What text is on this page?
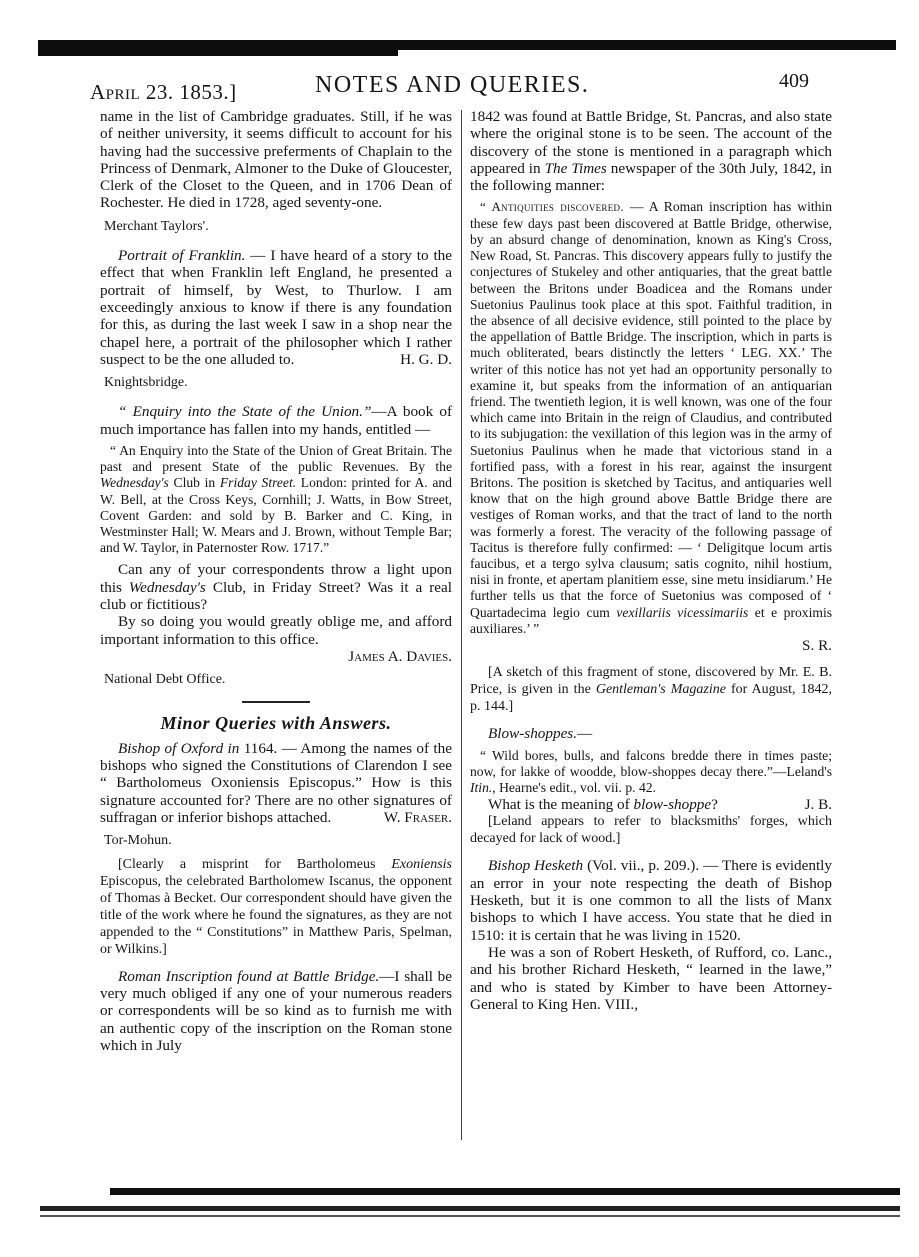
April 23. 1853.]	NOTES AND QUERIES.	409

name in the list of Cambridge graduates. Still, if he was of neither university, it seems difficult to account for his having had the successive preferments of Chaplain to the Princess of Denmark, Almoner to the Duke of Gloucester, Clerk of the Closet to the Queen, and in 1706 Dean of Rochester. He died in 1728, aged seventy-one.

Merchant Taylors'.

Portrait of Franklin. — I have heard of a story to the effect that when Franklin left England, he presented a portrait of himself, by West, to Thurlow. I am exceedingly anxious to know if there is any foundation for this, as during the last week I saw in a shop near the chapel here, a portrait of the philosopher which I rather suspect to be the one alluded to.	H. G. D.

Knightsbridge.

“ Enquiry into the State of the Union.”—A book of much importance has fallen into my hands, entitled —

“ An Enquiry into the State of the Union of Great Britain. The past and present State of the public Revenues. By the Wednesday's Club in Friday Street. London: printed for A. and W. Bell, at the Cross Keys, Cornhill; J. Watts, in Bow Street, Covent Garden: and sold by B. Barker and C. King, in Westminster Hall; W. Mears and J. Brown, without Temple Bar; and W. Taylor, in Paternoster Row. 1717.”

Can any of your correspondents throw a light upon this Wednesday's Club, in Friday Street? Was it a real club or fictitious?

By so doing you would greatly oblige me, and afford important information to this office.

James A. Davies.

National Debt Office.

Minor Queries with Answers.

Bishop of Oxford in 1164. — Among the names of the bishops who signed the Constitutions of Clarendon I see “ Bartholomeus Oxoniensis Episcopus.” How is this signature accounted for? There are no other signatures of suffragan or inferior bishops attached.	W. Fraser.

Tor-Mohun.

[Clearly a misprint for Bartholomeus Exoniensis Episcopus, the celebrated Bartholomew Iscanus, the opponent of Thomas à Becket. Our correspondent should have given the title of the work where he found the signatures, as they are not appended to the “ Constitutions” in Matthew Paris, Spelman, or Wilkins.]

Roman Inscription found at Battle Bridge.—I shall be very much obliged if any one of your numerous readers or correspondents will be so kind as to furnish me with an authentic copy of the inscription on the Roman stone which in July

1842 was found at Battle Bridge, St. Pancras, and also state where the original stone is to be seen. The account of the discovery of the stone is mentioned in a paragraph which appeared in The Times newspaper of the 30th July, 1842, in the following manner:

“ Antiquities discovered. — A Roman inscription has within these few days past been discovered at Battle Bridge, otherwise, by an absurd change of denomination, known as King's Cross, New Road, St. Pancras. This discovery appears fully to justify the conjectures of Stukeley and other antiquaries, that the great battle between the Britons under Boadicea and the Romans under Suetonius Paulinus took place at this spot. Faithful tradition, in the absence of all decisive evidence, still pointed to the place by the appellation of Battle Bridge. The inscription, which in parts is much obliterated, bears distinctly the letters ‘ LEG. XX.’ The writer of this notice has not yet had an opportunity personally to examine it, but speaks from the information of an antiquarian friend. The twentieth legion, it is well known, was one of the four which came into Britain in the reign of Claudius, and contributed to its subjugation: the vexillation of this legion was in the army of Suetonius Paulinus when he made that victorious stand in a fortified pass, with a forest in his rear, against the insurgent Britons. The position is sketched by Tacitus, and antiquaries well know that on the high ground above Battle Bridge there are vestiges of Roman works, and that the tract of land to the north was formerly a forest. The veracity of the following passage of Tacitus is therefore fully confirmed: — ‘ Deligitque locum artis faucibus, et a tergo sylva clausum; satis cognito, nihil hostium, nisi in fronte, et apertam planitiem esse, sine metu insidiarum.’ He further tells us that the force of Suetonius was composed of ‘ Quartadecima legio cum vexillariis vicessimariis et e proximis auxiliares.’ ”

S. R.

[A sketch of this fragment of stone, discovered by Mr. E. B. Price, is given in the Gentleman's Magazine for August, 1842, p. 144.]

Blow-shoppes.—

“ Wild bores, bulls, and falcons bredde there in times paste; now, for lakke of woodde, blow-shoppes decay there.”—Leland's Itin., Hearne's edit., vol. vii. p. 42.

What is the meaning of blow-shoppe?	J. B.

[Leland appears to refer to blacksmiths' forges, which decayed for lack of wood.]

Bishop Hesketh (Vol. vii., p. 209.). — There is evidently an error in your note respecting the death of Bishop Hesketh, but it is one common to all the lists of Manx bishops to which I have access. You state that he died in 1510: it is certain that he was living in 1520.

He was a son of Robert Hesketh, of Rufford, co. Lanc., and his brother Richard Hesketh, “ learned in the lawe,” and who is stated by Kimber to have been Attorney-General to King Hen. VIII.,
